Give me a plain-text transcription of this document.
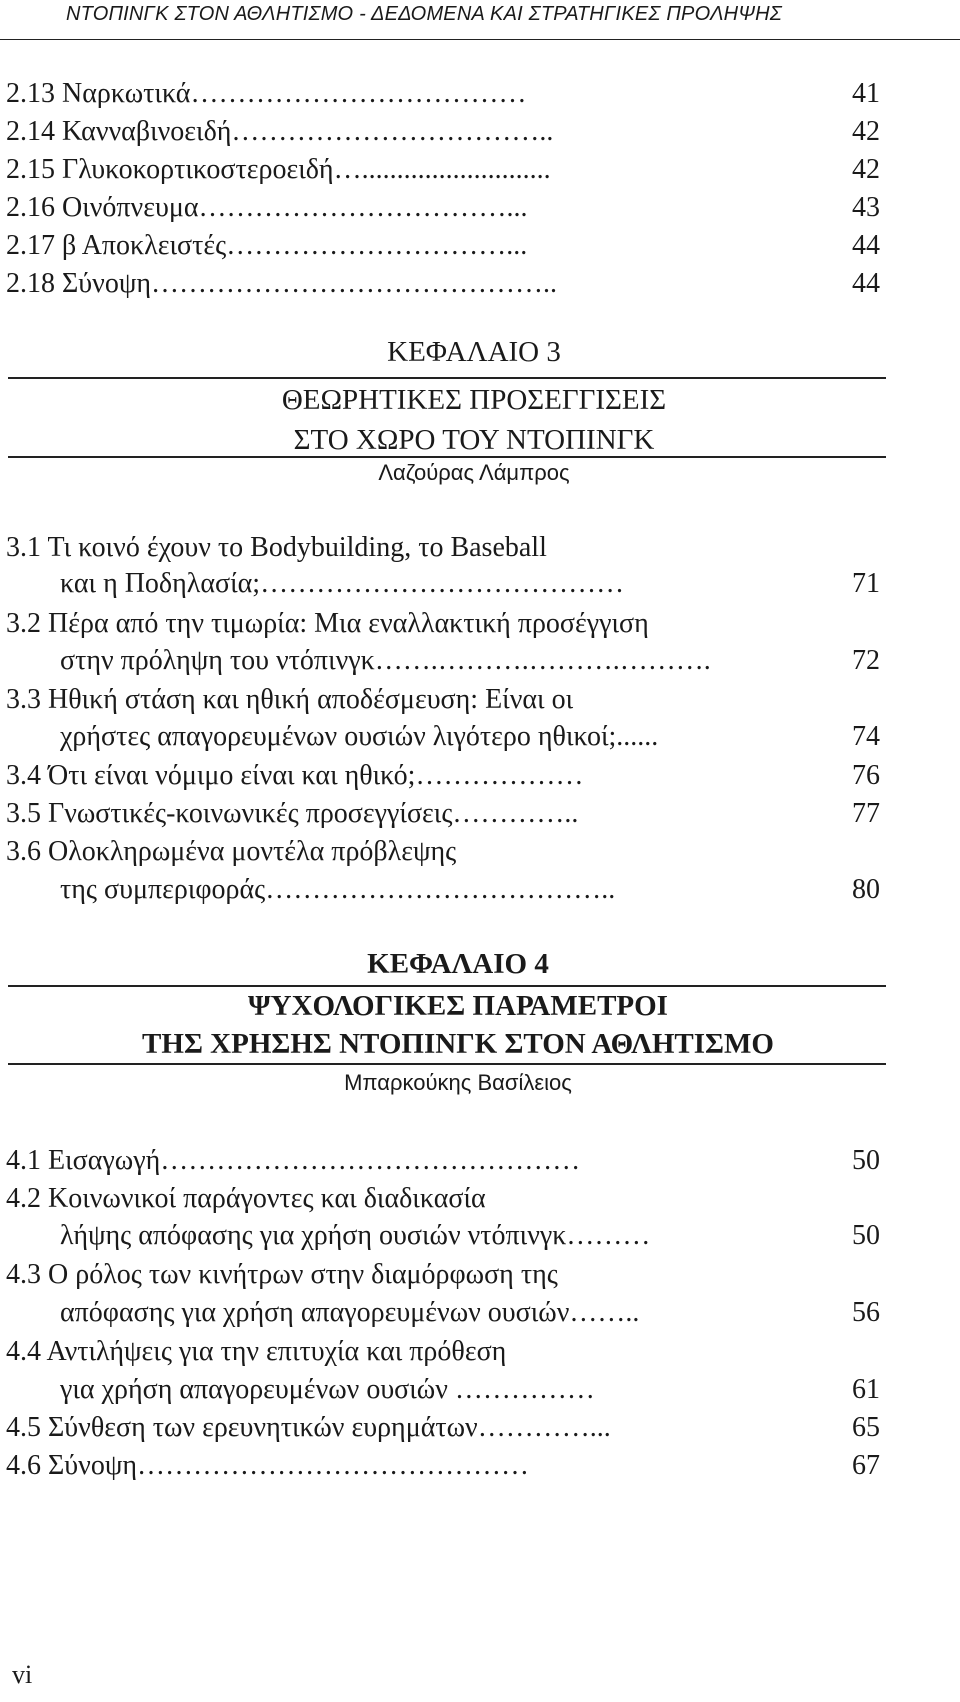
ΝΤΟΠΙΝΓΚ ΣΤΟΝ ΑΘΛΗΤΙΣΜΟ - ΔΕΔΟΜΕΝΑ ΚΑΙ ΣΤΡΑΤΗΓΙΚΕΣ ΠΡΟΛΗΨΗΣ
2.13 Ναρκωτικά………………………………	41
2.14 Κανναβινοειδή……………………………..	42
2.15 Γλυκοκορτικοστεροειδή…...........................	42
2.16 Οινόπνευμα……………………………...	43
2.17 β Αποκλειστές…………………………...	44
2.18 Σύνοψη……………………………………..	44
ΚΕΦΑΛΑΙΟ 3
ΘΕΩΡΗΤΙΚΕΣ ΠΡΟΣΕΓΓΙΣΕΙΣ
ΣΤΟ ΧΩΡΟ ΤΟΥ ΝΤΟΠΙΝΓΚ
Λαζούρας Λάμπρος
3.1 Τι κοινό έχουν το Bodybuilding, το Baseball
και η Ποδηλασία;…………………………………	71
3.2 Πέρα από την τιμωρία: Μια εναλλακτική προσέγγιση
στην πρόληψη του ντόπινγκ…….……….……….……….	72
3.3 Ηθική στάση και ηθική αποδέσμευση: Είναι οι
χρήστες απαγορευμένων ουσιών λιγότερο ηθικοί;......	74
3.4 Ότι είναι νόμιμο είναι και ηθικό;………………	76
3.5 Γνωστικές-κοινωνικές προσεγγίσεις…………..	77
3.6 Ολοκληρωμένα μοντέλα πρόβλεψης
της συμπεριφοράς………………………………..	80
ΚΕΦΑΛΑΙΟ 4
ΨΥΧΟΛΟΓΙΚΕΣ ΠΑΡΑΜΕΤΡΟΙ
ΤΗΣ ΧΡΗΣΗΣ ΝΤΟΠΙΝΓΚ ΣΤΟΝ ΑΘΛΗΤΙΣΜΟ
Μπαρκούκης Βασίλειος
4.1 Εισαγωγή………………………………………	50
4.2 Κοινωνικοί παράγοντες και διαδικασία
λήψης απόφασης για χρήση ουσιών ντόπινγκ………	50
4.3 Ο ρόλος των κινήτρων στην διαμόρφωση της
απόφασης για χρήση απαγορευμένων ουσιών……..	56
4.4 Αντιλήψεις για την επιτυχία και πρόθεση
για χρήση απαγορευμένων ουσιών ……………	61
4.5 Σύνθεση των ερευνητικών ευρημάτων…………...	65
4.6 Σύνοψη……………………………………	67
vi
